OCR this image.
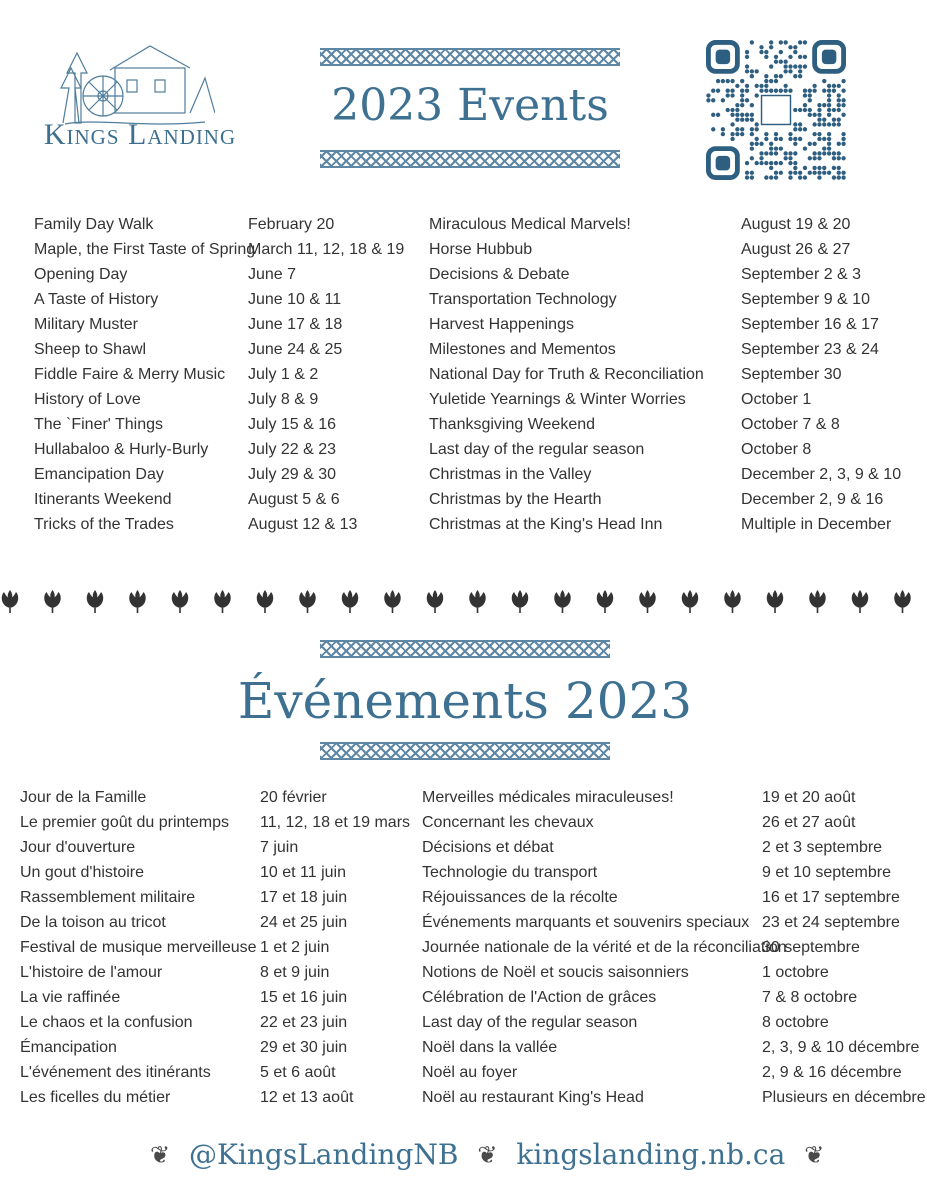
Kings Landing
2023 Events
Family Day Walk	February 20
Maple, the First Taste of Spring
March 11, 12, 18 & 19
Opening Day	June 7
A Taste of History	June 10 & 11
Military Muster	June 17 & 18
Sheep to Shawl	June 24 & 25
Fiddle Faire & Merry Music July 1 & 2
History of Love	July 8 & 9
The `Finer' Things	July 15 & 16
Hullabaloo & Hurly-Burly July 22 & 23
Emancipation Day	July 29 & 30
Itinerants Weekend	August 5 & 6
Tricks of the Trades	August 12 & 13
Miraculous Medical Marvels!	August 19 & 20
Horse Hubbub	August 26 & 27
Decisions & Debate	September 2 & 3
Transportation Technology	September 9 & 10
Harvest Happenings	September 16 & 17
Milestones and Mementos	September 23 & 24
National Day for Truth & Reconciliation September 30
Yuletide Yearnings & Winter Worries	October 1
Thanksgiving Weekend	October 7 & 8
Last day of the regular season	October 8
Christmas in the Valley	December 2, 3, 9 & 10
Christmas by the Hearth	December 2, 9 & 16
Christmas at the King's Head Inn	Multiple in December
Événements 2023
Jour de la Famille	20 février
Le premier goût du printemps 11, 12, 18 et 19 mars
Jour d'ouverture	7 juin
Un gout d'histoire	10 et 11 juin
Rassemblement militaire	17 et 18 juin
De la toison au tricot	24 et 25 juin
Festival de musique merveilleuse 1 et 2 juin
L'histoire de l'amour	8 et 9 juin
La vie raffinée	15 et 16 juin
Le chaos et la confusion	22 et 23 juin
Émancipation	29 et 30 juin
L'événement des itinérants	5 et 6 août
Les ficelles du métier	12 et 13 août
Merveilles médicales miraculeuses!	19 et 20 août
Concernant les chevaux	26 et 27 août
Décisions et débat	2 et 3 septembre
Technologie du transport	9 et 10 septembre
Réjouissances de la récolte	16 et 17 septembre
Événements marquants et souvenirs speciaux 23 et 24 septembre
Journée nationale de la vérité et de la réconciliation
30 septembre
Notions de Noël et soucis saisonniers	1 octobre
Célébration de l'Action de grâces	7 & 8 octobre
Last day of the regular season	8 octobre
Noël dans la vallée	2, 3, 9 & 10 décembre
Noël au foyer	2, 9 & 16 décembre
Noël au restaurant King's Head	Plusieurs en décembre
❦ @KingsLandingNB ❦ kingslanding.nb.ca ❦
